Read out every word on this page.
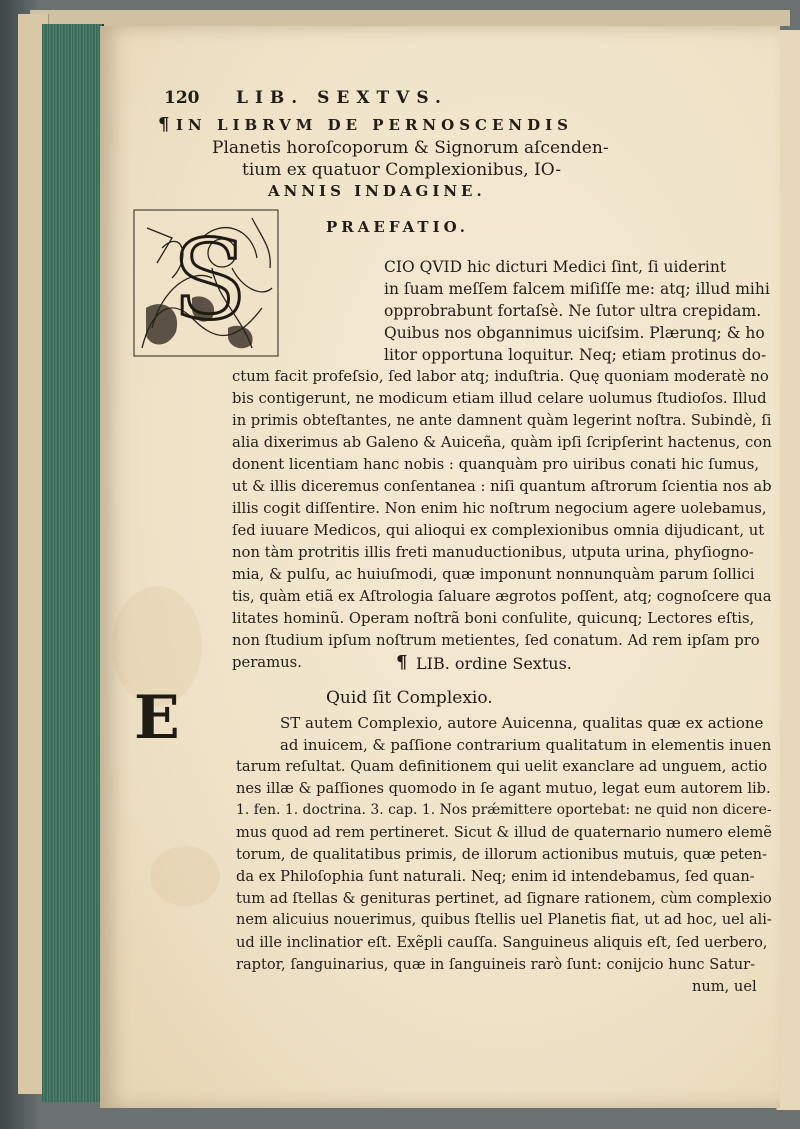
120 LIB. SEXTVS.
¶ IN LIBRVM DE PERNOSCENDIS
Planetis horoſcoporum & Signorum aſcenden-
tium ex quatuor Complexionibus, IO-
ANNIS INDAGINE.
S	PRAEFATIO.
CIO QVID hic dicturi Medici ſint, ſi uiderint
in ſuam meſſem falcem miſiſſe me: atq; illud mihi
opprobrabunt fortaſsè. Ne ſutor ultra crepidam.
Quibus nos obgannimus uiciſsim. Plærunq; & ho
litor opportuna loquitur. Neq; etiam protinus do-
ctum facit profeſsio, ſed labor atq; induſtria. Quę quoniam moderatè no
bis contigerunt, ne modicum etiam illud celare uolumus ſtudioſos. Illud
in primis obteſtantes, ne ante damnent quàm legerint noſtra. Subindè, ſi
alia dixerimus ab Galeno & Auiceña, quàm ipſi ſcripſerint hactenus, con
donent licentiam hanc nobis : quanquàm pro uiribus conati hic ſumus,
ut & illis diceremus conſentanea : niſi quantum aſtrorum ſcientia nos ab
illis cogit diſſentire. Non enim hic noſtrum negocium agere uolebamus,
ſed iuuare Medicos, qui alioqui ex complexionibus omnia dijudicant, ut
non tàm protritis illis freti manuductionibus, utputa urina, phyſiogno-
mia, & pulſu, ac huiuſmodi, quæ imponunt nonnunquàm parum ſollici
tis, quàm etiã ex Aſtrologia ſaluare ægrotos poſſent, atq; cognoſcere qua
litates hominũ. Operam noſtrã boni conſulite, quicunq; Lectores eſtis,
non ſtudium ipſum noſtrum metientes, ſed conatum. Ad rem ipſam pro
peramus.	¶ LIB. ordine Sextus.
Quid ſit Complexio.
E	ST autem Complexio, autore Auicenna, qualitas quæ ex actione
ad inuicem, & paſſione contrarium qualitatum in elementis inuen
tarum reſultat. Quam definitionem qui uelit exanclare ad unguem, actio
nes illæ & paſſiones quomodo in ſe agant mutuo, legat eum autorem lib.
1. fen. 1. doctrina. 3. cap. 1. Nos prǽmittere oportebat: ne quid non dicere-
mus quod ad rem pertineret. Sicut & illud de quaternario numero elemẽ
torum, de qualitatibus primis, de illorum actionibus mutuis, quæ peten-
da ex Philoſophia ſunt naturali. Neq; enim id intendebamus, ſed quan-
tum ad ſtellas & genituras pertinet, ad ſignare rationem, cùm complexio
nem alicuius nouerimus, quibus ſtellis uel Planetis fiat, ut ad hoc, uel ali-
ud ille inclinatior eſt. Exẽpli cauſſa. Sanguineus aliquis eſt, ſed uerbero,
raptor, ſanguinarius, quæ in ſanguineis rarò ſunt: conijcio hunc Satur-
num, uel
